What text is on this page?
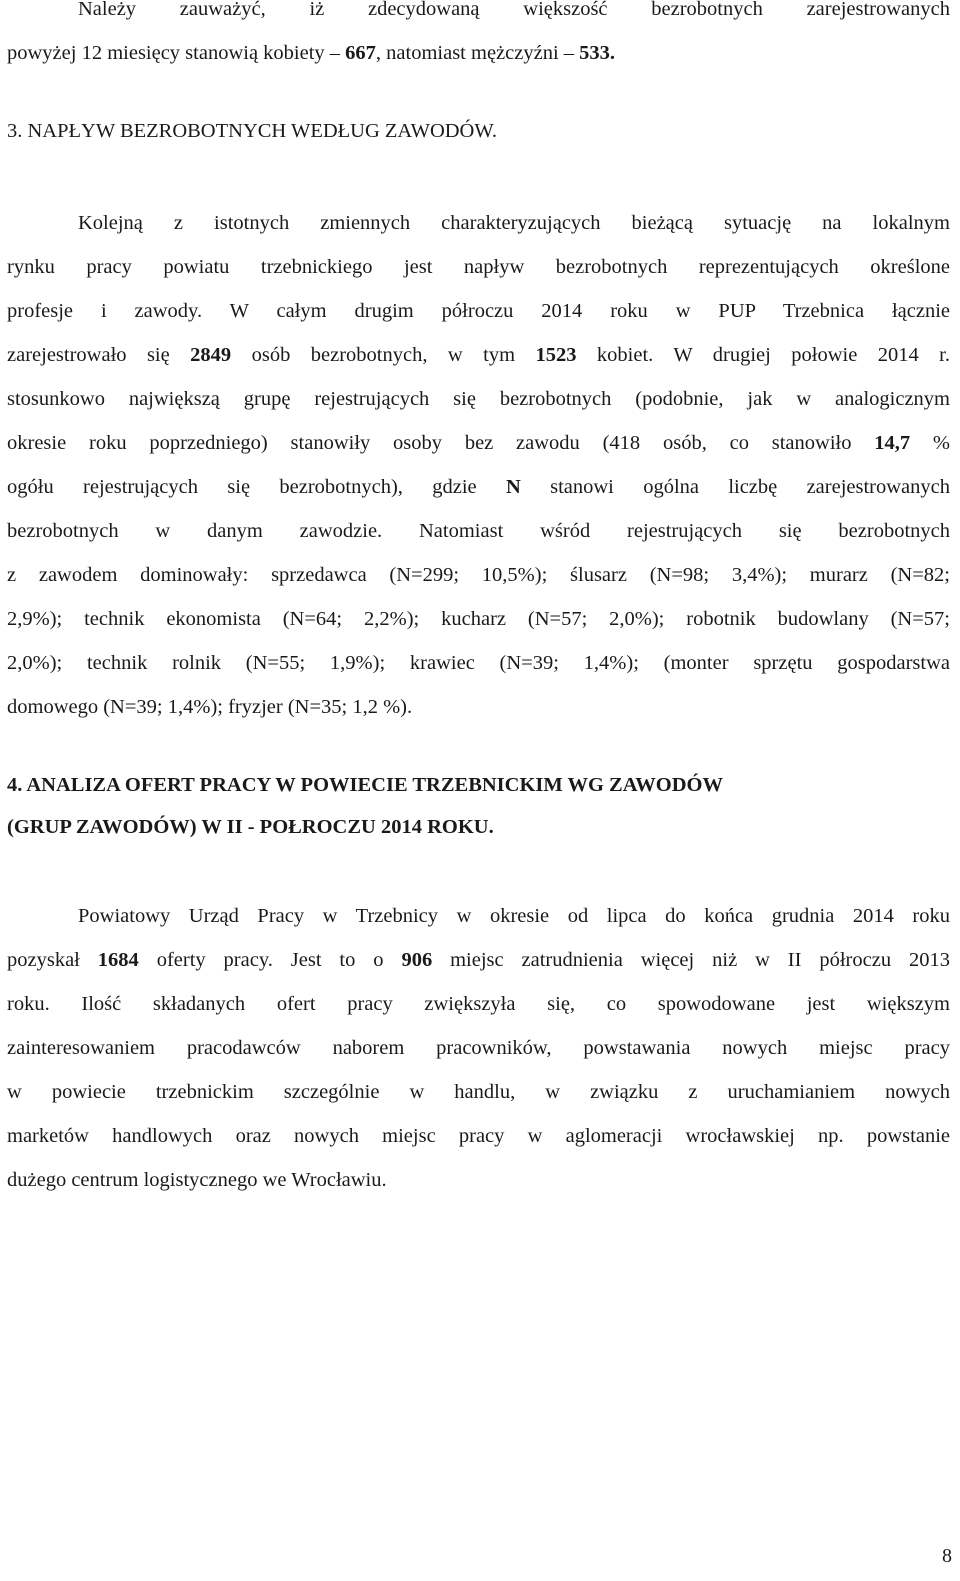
Należy zauważyć, iż zdecydowaną większość bezrobotnych zarejestrowanych
powyżej 12 miesięcy stanowią kobiety – 667, natomiast mężczyźni – 533.
3. NAPŁYW BEZROBOTNYCH WEDŁUG ZAWODÓW.
Kolejną z istotnych zmiennych charakteryzujących bieżącą sytuację na lokalnym
rynku pracy powiatu trzebnickiego jest napływ bezrobotnych reprezentujących określone
profesje i zawody. W całym drugim półroczu 2014 roku w PUP Trzebnica łącznie
zarejestrowało się 2849 osób bezrobotnych, w tym 1523 kobiet. W drugiej połowie 2014 r.
stosunkowo największą grupę rejestrujących się bezrobotnych (podobnie, jak w analogicznym
okresie roku poprzedniego) stanowiły osoby bez zawodu (418 osób, co stanowiło 14,7 %
ogółu rejestrujących się bezrobotnych), gdzie N stanowi ogólna liczbę zarejestrowanych
bezrobotnych w danym zawodzie. Natomiast wśród rejestrujących się bezrobotnych
z zawodem dominowały: sprzedawca (N=299; 10,5%); ślusarz (N=98; 3,4%); murarz (N=82;
2,9%); technik ekonomista (N=64; 2,2%); kucharz (N=57; 2,0%); robotnik budowlany (N=57;
2,0%); technik rolnik (N=55; 1,9%); krawiec (N=39; 1,4%); (monter sprzętu gospodarstwa
domowego (N=39; 1,4%); fryzjer (N=35; 1,2 %).
4. ANALIZA OFERT PRACY W POWIECIE TRZEBNICKIM WG ZAWODÓW
(GRUP ZAWODÓW) W II - POŁROCZU 2014 ROKU.
Powiatowy Urząd Pracy w Trzebnicy w okresie od lipca do końca grudnia 2014 roku
pozyskał 1684 oferty pracy. Jest to o 906 miejsc zatrudnienia więcej niż w II półroczu 2013
roku. Ilość składanych ofert pracy zwiększyła się, co spowodowane jest większym
zainteresowaniem pracodawców naborem pracowników, powstawania nowych miejsc pracy
w powiecie trzebnickim szczególnie w handlu, w związku z uruchamianiem nowych
marketów handlowych oraz nowych miejsc pracy w aglomeracji wrocławskiej np. powstanie
dużego centrum logistycznego we Wrocławiu.
8
